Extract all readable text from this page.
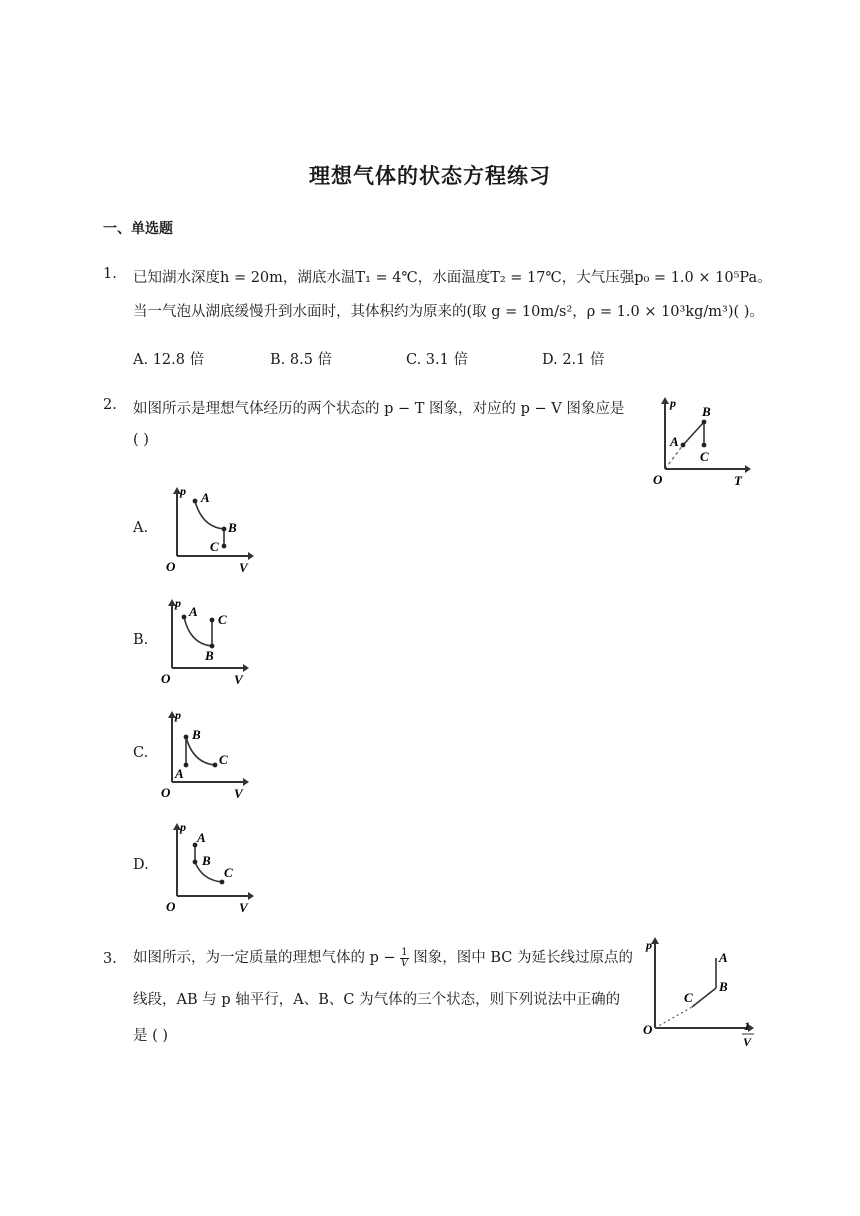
理想气体的状态方程练习
一、单选题
1. 已知湖水深度h = 20m，湖底水温T₁ = 4℃，水面温度T₂ = 17℃，大气压强p₀ = 1.0 × 10⁵Pa。
当一气泡从湖底缓慢升到水面时，其体积约为原来的(取 g = 10m/s²，ρ = 1.0 × 10³kg/m³)( )。
A. 12.8 倍	B. 8.5 倍	C. 3.1 倍	D. 2.1 倍
2. 如图所示是理想气体经历的两个状态的 p − T 图象，对应的 p − V 图象应是
( )	A
B
C
p
O	T
A.
A
B
C
p
O	V
B.
A
C
B
p
O	V
C.
B
A
C
p
O	V
D.
A
B
C
p
O	V
3. 如图所示，为一定质量的理想气体的 $p - \frac{1}{V}$ 图象，图中 BC 为延长线过原点的
线段，AB 与 p 轴平行，A、B、C 为气体的三个状态，则下列说法中正确的
是 ( )
p
A
B
C
O	1
V
